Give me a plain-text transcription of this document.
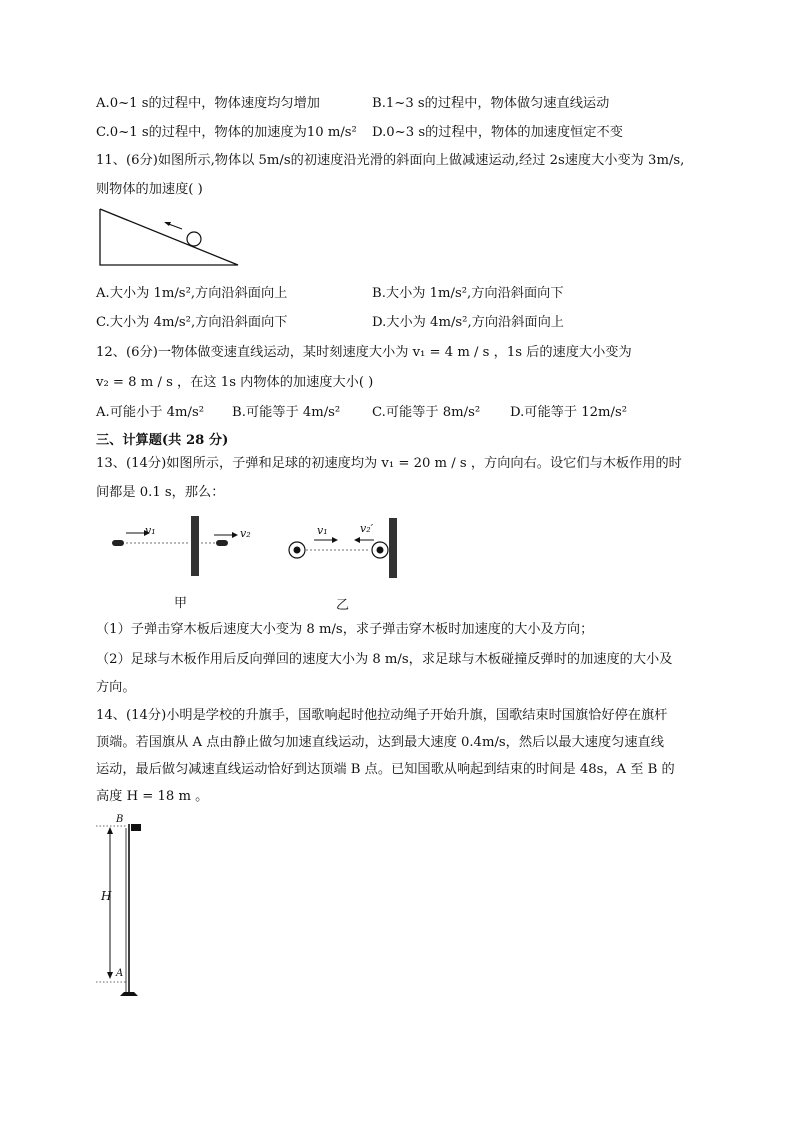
A.0~1 s的过程中，物体速度均匀增加	B.1~3 s的过程中，物体做匀速直线运动
C.0~1 s的过程中，物体的加速度为10 m/s² D.0~3 s的过程中，物体的加速度恒定不变
11、(6分)如图所示,物体以 5m/s的初速度沿光滑的斜面向上做减速运动,经过 2s速度大小变为 3m/s,
则物体的加速度( )
A.大小为 1m/s²,方向沿斜面向上	B.大小为 1m/s²,方向沿斜面向下
C.大小为 4m/s²,方向沿斜面向下	D.大小为 4m/s²,方向沿斜面向上
12、(6分)一物体做变速直线运动，某时刻速度大小为 v₁ = 4 m / s ，1s 后的速度大小变为
v₂ = 8 m / s ，在这 1s 内物体的加速度大小( )
A.可能小于 4m/s² B.可能等于 4m/s² C.可能等于 8m/s² D.可能等于 12m/s²
三、计算题(共 28 分)
13、(14分)如图所示，子弹和足球的初速度均为 v₁ = 20 m / s ，方向向右。设它们与木板作用的时
间都是 0.1 s，那么：
v₁	v₂	v₁	v₂′
甲	乙
（1）子弹击穿木板后速度大小变为 8 m/s，求子弹击穿木板时加速度的大小及方向；
（2）足球与木板作用后反向弹回的速度大小为 8 m/s，求足球与木板碰撞反弹时的加速度的大小及
方向。
14、(14分)小明是学校的升旗手，国歌响起时他拉动绳子开始升旗，国歌结束时国旗恰好停在旗杆
顶端。若国旗从 A 点由静止做匀加速直线运动，达到最大速度 0.4m/s，然后以最大速度匀速直线
运动，最后做匀减速直线运动恰好到达顶端 B 点。已知国歌从响起到结束的时间是 48s，A 至 B 的
高度 H = 18 m 。
B
H
A
